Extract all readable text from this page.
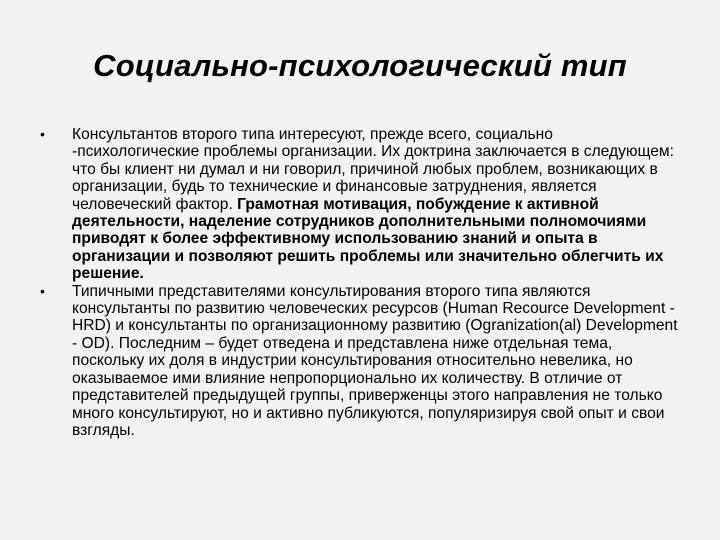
Социально-психологический тип
• Консультантов второго типа интересуют, прежде всего, социально -психологические проблемы организации. Их доктрина заключается в следующем: что бы клиент ни думал и ни говорил, причиной любых проблем, возникающих в организации, будь то технические и финансовые затруднения, является человеческий фактор. Грамотная мотивация, побуждение к активной деятельности, наделение сотрудников дополнительными полномочиями приводят к более эффективному использованию знаний и опыта в организации и позволяют решить проблемы или значительно облегчить их решение.
• Типичными представителями консультирования второго типа являются консультанты по развитию человеческих ресурсов (Human Recource Development - HRD) и консультанты по организационному развитию (Ogranization(al) Development - OD). Последним – будет отведена и представлена ниже отдельная тема, поскольку их доля в индустрии консультирования относительно невелика, но оказываемое ими влияние непропорционально их количеству. В отличие от представителей предыдущей группы, приверженцы этого направления не только много консультируют, но и активно публикуются, популяризируя свой опыт и свои взгляды.
